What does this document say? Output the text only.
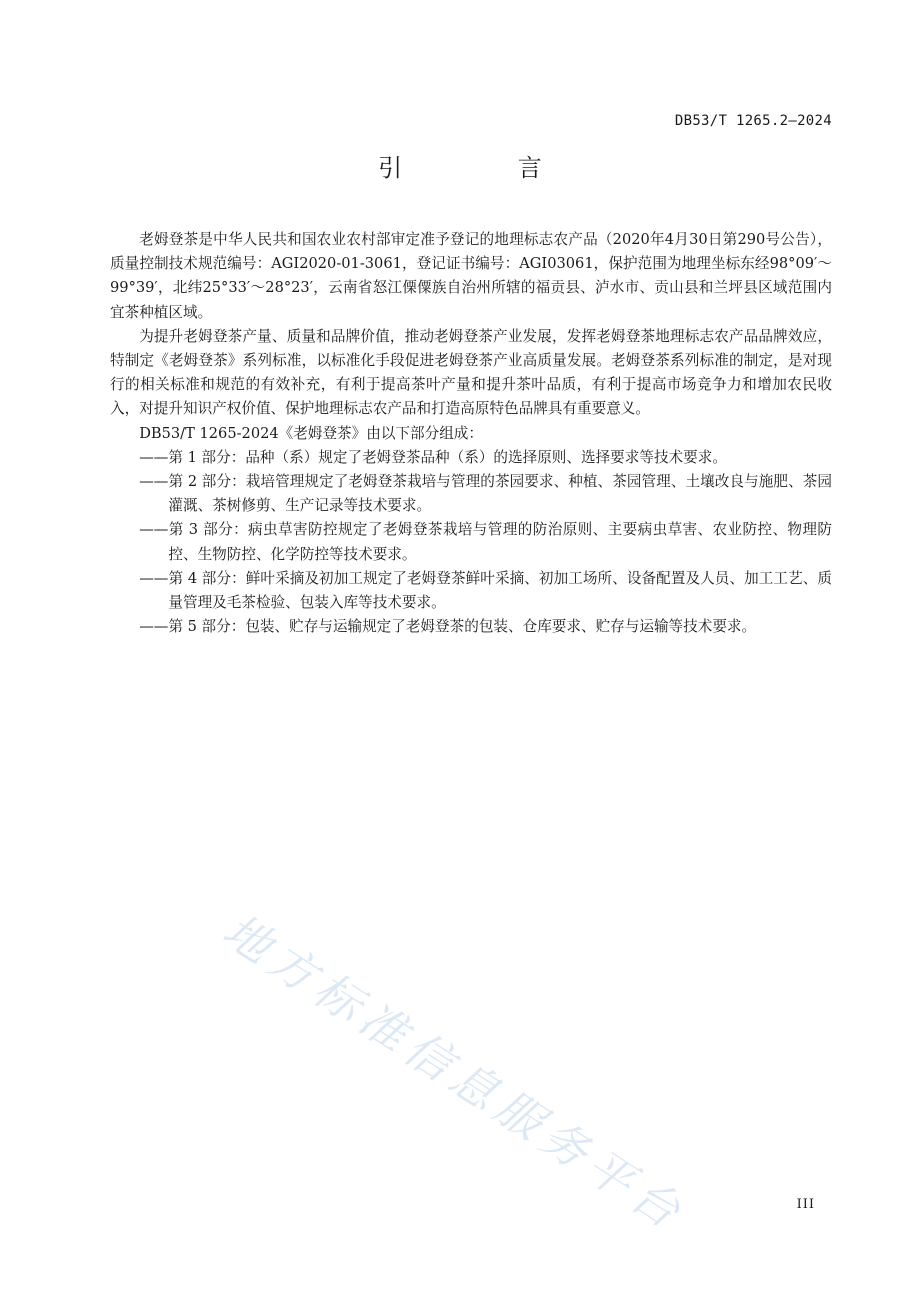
DB53/T 1265.2—2024
引 言

老姆登茶是中华人民共和国农业农村部审定准予登记的地理标志农产品（2020年4月30日第290号公告），质量控制技术规范编号：AGI2020-01-3061，登记证书编号：AGI03061，保护范围为地理坐标东经98°09′～99°39′，北纬25°33′～28°23′，云南省怒江傈僳族自治州所辖的福贡县、泸水市、贡山县和兰坪县区域范围内宜茶种植区域。

为提升老姆登茶产量、质量和品牌价值，推动老姆登茶产业发展，发挥老姆登茶地理标志农产品品牌效应，特制定《老姆登茶》系列标准，以标准化手段促进老姆登茶产业高质量发展。老姆登茶系列标准的制定，是对现行的相关标准和规范的有效补充，有利于提高茶叶产量和提升茶叶品质，有利于提高市场竞争力和增加农民收入，对提升知识产权价值、保护地理标志农产品和打造高原特色品牌具有重要意义。

DB53/T 1265-2024《老姆登茶》由以下部分组成：

——第 1 部分：品种（系）规定了老姆登茶品种（系）的选择原则、选择要求等技术要求。

——第 2 部分：栽培管理规定了老姆登茶栽培与管理的茶园要求、种植、茶园管理、土壤改良与施肥、茶园灌溉、茶树修剪、生产记录等技术要求。

——第 3 部分：病虫草害防控规定了老姆登茶栽培与管理的防治原则、主要病虫草害、农业防控、物理防控、生物防控、化学防控等技术要求。

——第 4 部分：鲜叶采摘及初加工规定了老姆登茶鲜叶采摘、初加工场所、设备配置及人员、加工工艺、质量管理及毛茶检验、包装入库等技术要求。

——第 5 部分：包装、贮存与运输规定了老姆登茶的包装、仓库要求、贮存与运输等技术要求。

地方标准信息服务平台	III
